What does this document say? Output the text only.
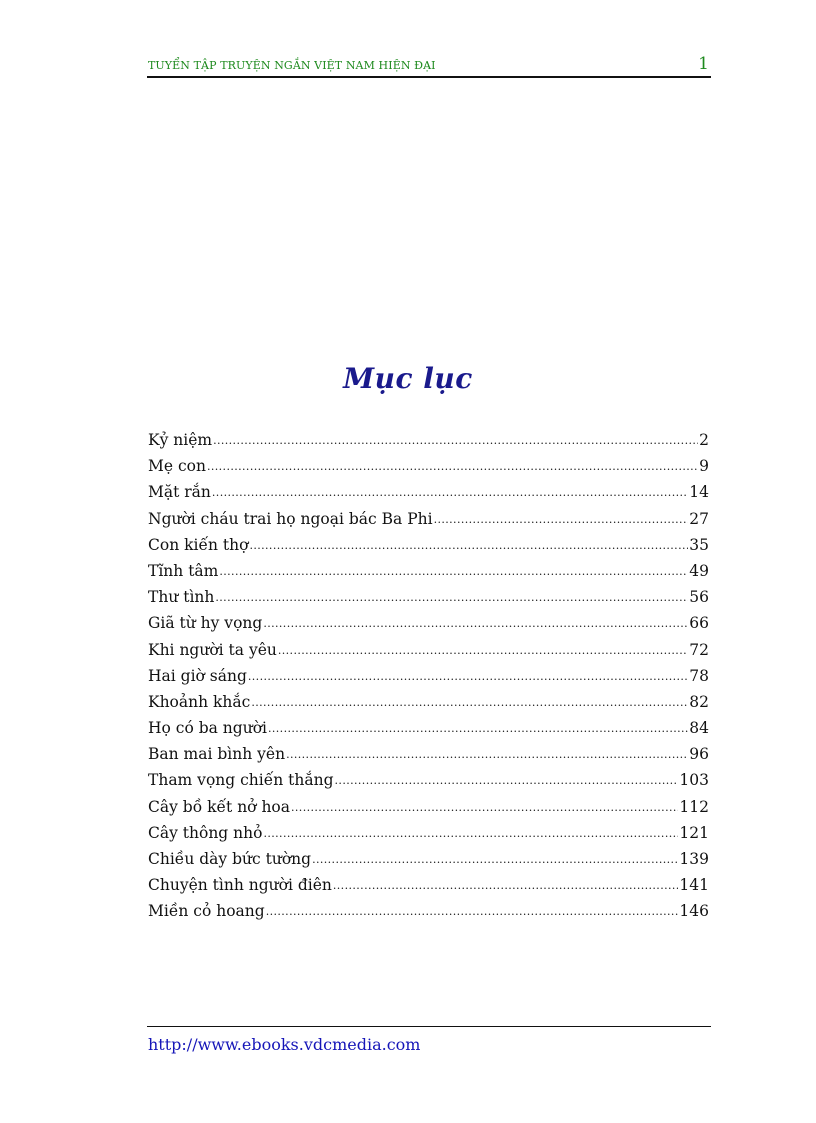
TUYỂN TẬP TRUYỆN NGẮN VIỆT NAM HIỆN ĐẠI	1
Mục lục
Kỷ niệm .....	2
Mẹ con .....	9
Mặt rắn .....	14
Người cháu trai họ ngoại bác Ba Phi .....	27
Con kiến thợ .....	35
Tĩnh tâm .....	49
Thư tình .....	56
Giã từ hy vọng .....	66
Khi người ta yêu .....	72
Hai giờ sáng .....	78
Khoảnh khắc .....	82
Họ có ba người .....	84
Ban mai bình yên .....	96
Tham vọng chiến thắng .....	103
Cây bồ kết nở hoa .....	112
Cây thông nhỏ .....	121
Chiều dày bức tường .....	139
Chuyện tình người điên .....	141
Miền cỏ hoang .....	146
http://www.ebooks.vdcmedia.com
